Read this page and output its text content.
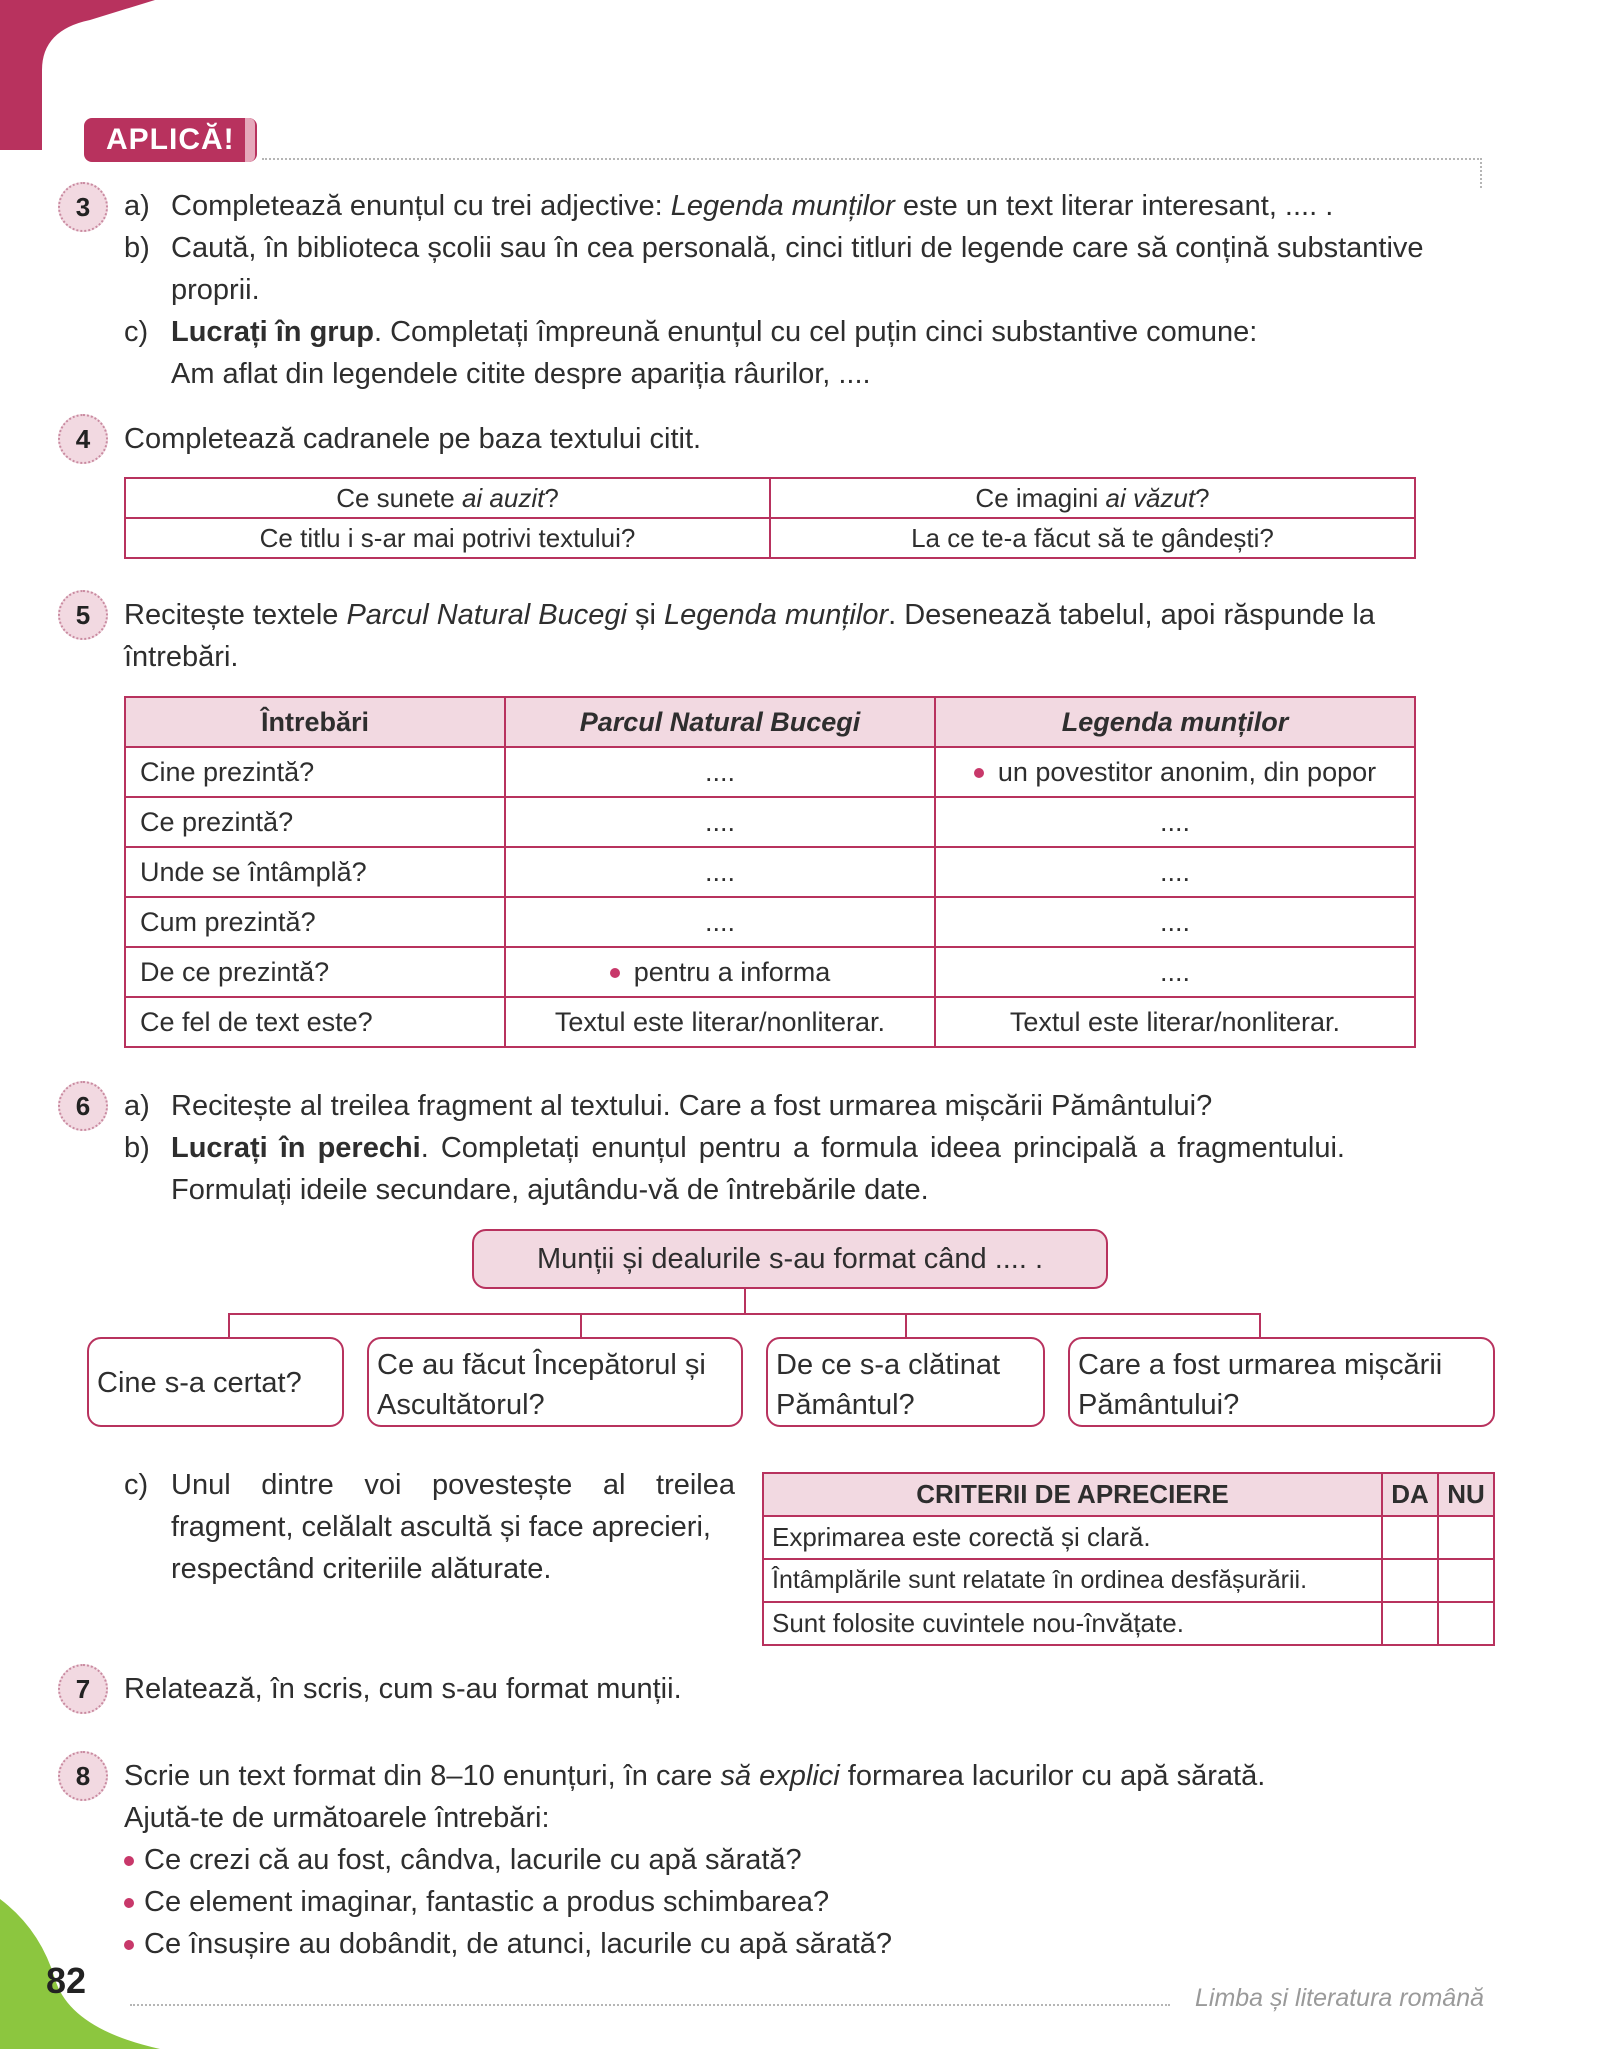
APLICĂ!
3	a) Completează enunțul cu trei adjective: Legenda munților este un text literar interesant, .... .
b) Caută, în biblioteca școlii sau în cea personală, cinci titluri de legende care să conțină substantive
proprii.
c) Lucrați în grup. Completați împreună enunțul cu cel puțin cinci substantive comune:
Am aflat din legendele citite despre apariția râurilor, ....
4	Completează cadranele pe baza textului citit.
Ce sunete ai auzit?	Ce imagini ai văzut?
Ce titlu i s-ar mai potrivi textului?	La ce te-a făcut să te gândești?
5	Recitește textele Parcul Natural Bucegi și Legenda munților. Desenează tabelul, apoi răspunde la
întrebări.
Întrebări	Parcul Natural Bucegi	Legenda munților
Cine prezintă?	....	un povestitor anonim, din popor
Ce prezintă?	....	....
Unde se întâmplă?	....	....
Cum prezintă?	....	....
De ce prezintă?	pentru a informa	....
Ce fel de text este?	Textul este literar/nonliterar.	Textul este literar/nonliterar.
6	a) Recitește al treilea fragment al textului. Care a fost urmarea mișcării Pământului?
b) Lucrați în perechi. Completați enunțul pentru a formula ideea principală a fragmentului.
Formulați ideile secundare, ajutându-vă de întrebările date.
Munții și dealurile s-au format când .... .
Cine s-a certat?
Ce au făcut Începătorul și
Ascultătorul?
De ce s-a clătinat
Pământul?
Care a fost urmarea mișcării
Pământului?
c) Unul dintre voi povestește al treilea
fragment, celălalt ascultă și face aprecieri,
respectând criteriile alăturate.
CRITERII DE APRECIERE	DA	NU
Exprimarea este corectă și clară.		
Întâmplările sunt relatate în ordinea desfășurării.		
Sunt folosite cuvintele nou-învățate.		
7	Relatează, în scris, cum s-au format munții.
8	Scrie un text format din 8–10 enunțuri, în care să explici formarea lacurilor cu apă sărată.
Ajută-te de următoarele întrebări:
Ce crezi că au fost, cândva, lacurile cu apă sărată?
Ce element imaginar, fantastic a produs schimbarea?
Ce însușire au dobândit, de atunci, lacurile cu apă sărată?
82	Limba și literatura română
